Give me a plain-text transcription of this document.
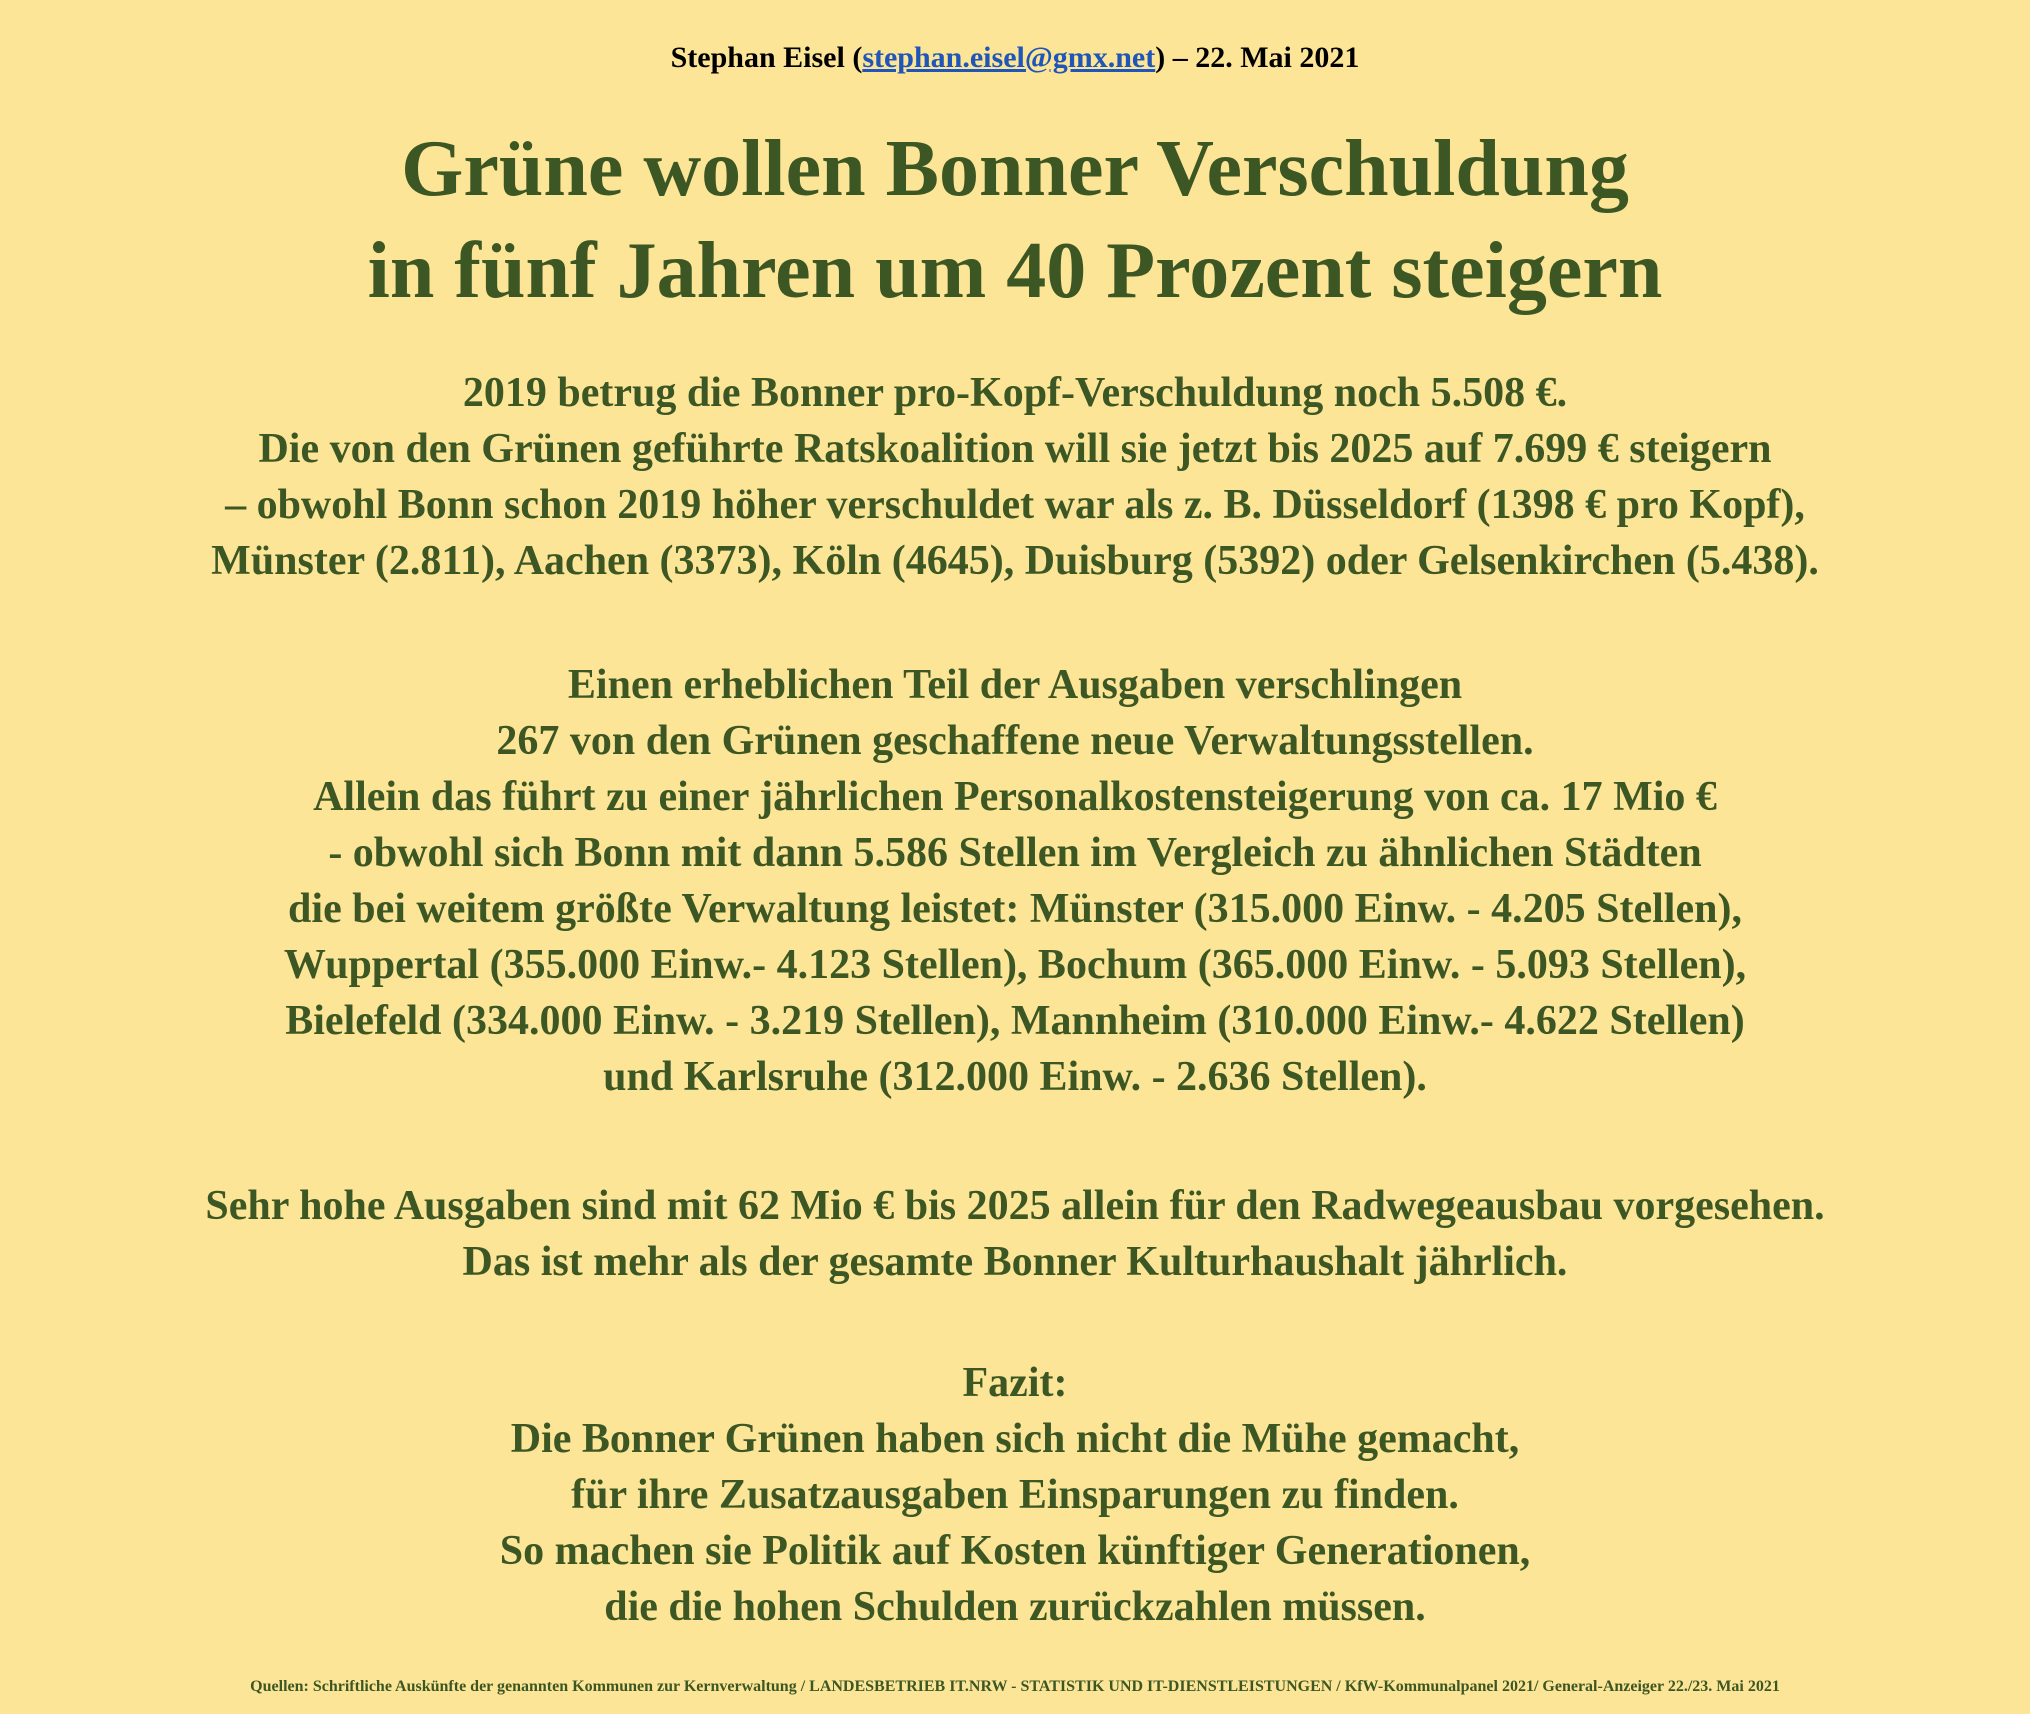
Stephan Eisel (stephan.eisel@gmx.net) – 22. Mai 2021
Grüne wollen Bonner Verschuldung
in fünf Jahren um 40 Prozent steigern
2019 betrug die Bonner pro-Kopf-Verschuldung noch 5.508 €.
Die von den Grünen geführte Ratskoalition will sie jetzt bis 2025 auf 7.699 € steigern
– obwohl Bonn schon 2019 höher verschuldet war als z. B. Düsseldorf (1398 € pro Kopf),
Münster (2.811), Aachen (3373), Köln (4645), Duisburg (5392) oder Gelsenkirchen (5.438).
Einen erheblichen Teil der Ausgaben verschlingen
267 von den Grünen geschaffene neue Verwaltungsstellen.
Allein das führt zu einer jährlichen Personalkostensteigerung von ca. 17 Mio €
- obwohl sich Bonn mit dann 5.586 Stellen im Vergleich zu ähnlichen Städten
die bei weitem größte Verwaltung leistet: Münster (315.000 Einw. - 4.205 Stellen),
Wuppertal (355.000 Einw.- 4.123 Stellen), Bochum (365.000 Einw. - 5.093 Stellen),
Bielefeld (334.000 Einw. - 3.219 Stellen), Mannheim (310.000 Einw.- 4.622 Stellen)
und Karlsruhe (312.000 Einw. - 2.636 Stellen).
Sehr hohe Ausgaben sind mit 62 Mio € bis 2025 allein für den Radwegeausbau vorgesehen.
Das ist mehr als der gesamte Bonner Kulturhaushalt jährlich.
Fazit:
Die Bonner Grünen haben sich nicht die Mühe gemacht,
für ihre Zusatzausgaben Einsparungen zu finden.
So machen sie Politik auf Kosten künftiger Generationen,
die die hohen Schulden zurückzahlen müssen.
Quellen: Schriftliche Auskünfte der genannten Kommunen zur Kernverwaltung / LANDESBETRIEB IT.NRW - STATISTIK UND IT-DIENSTLEISTUNGEN / KfW-Kommunalpanel 2021/ General-Anzeiger 22./23. Mai 2021
